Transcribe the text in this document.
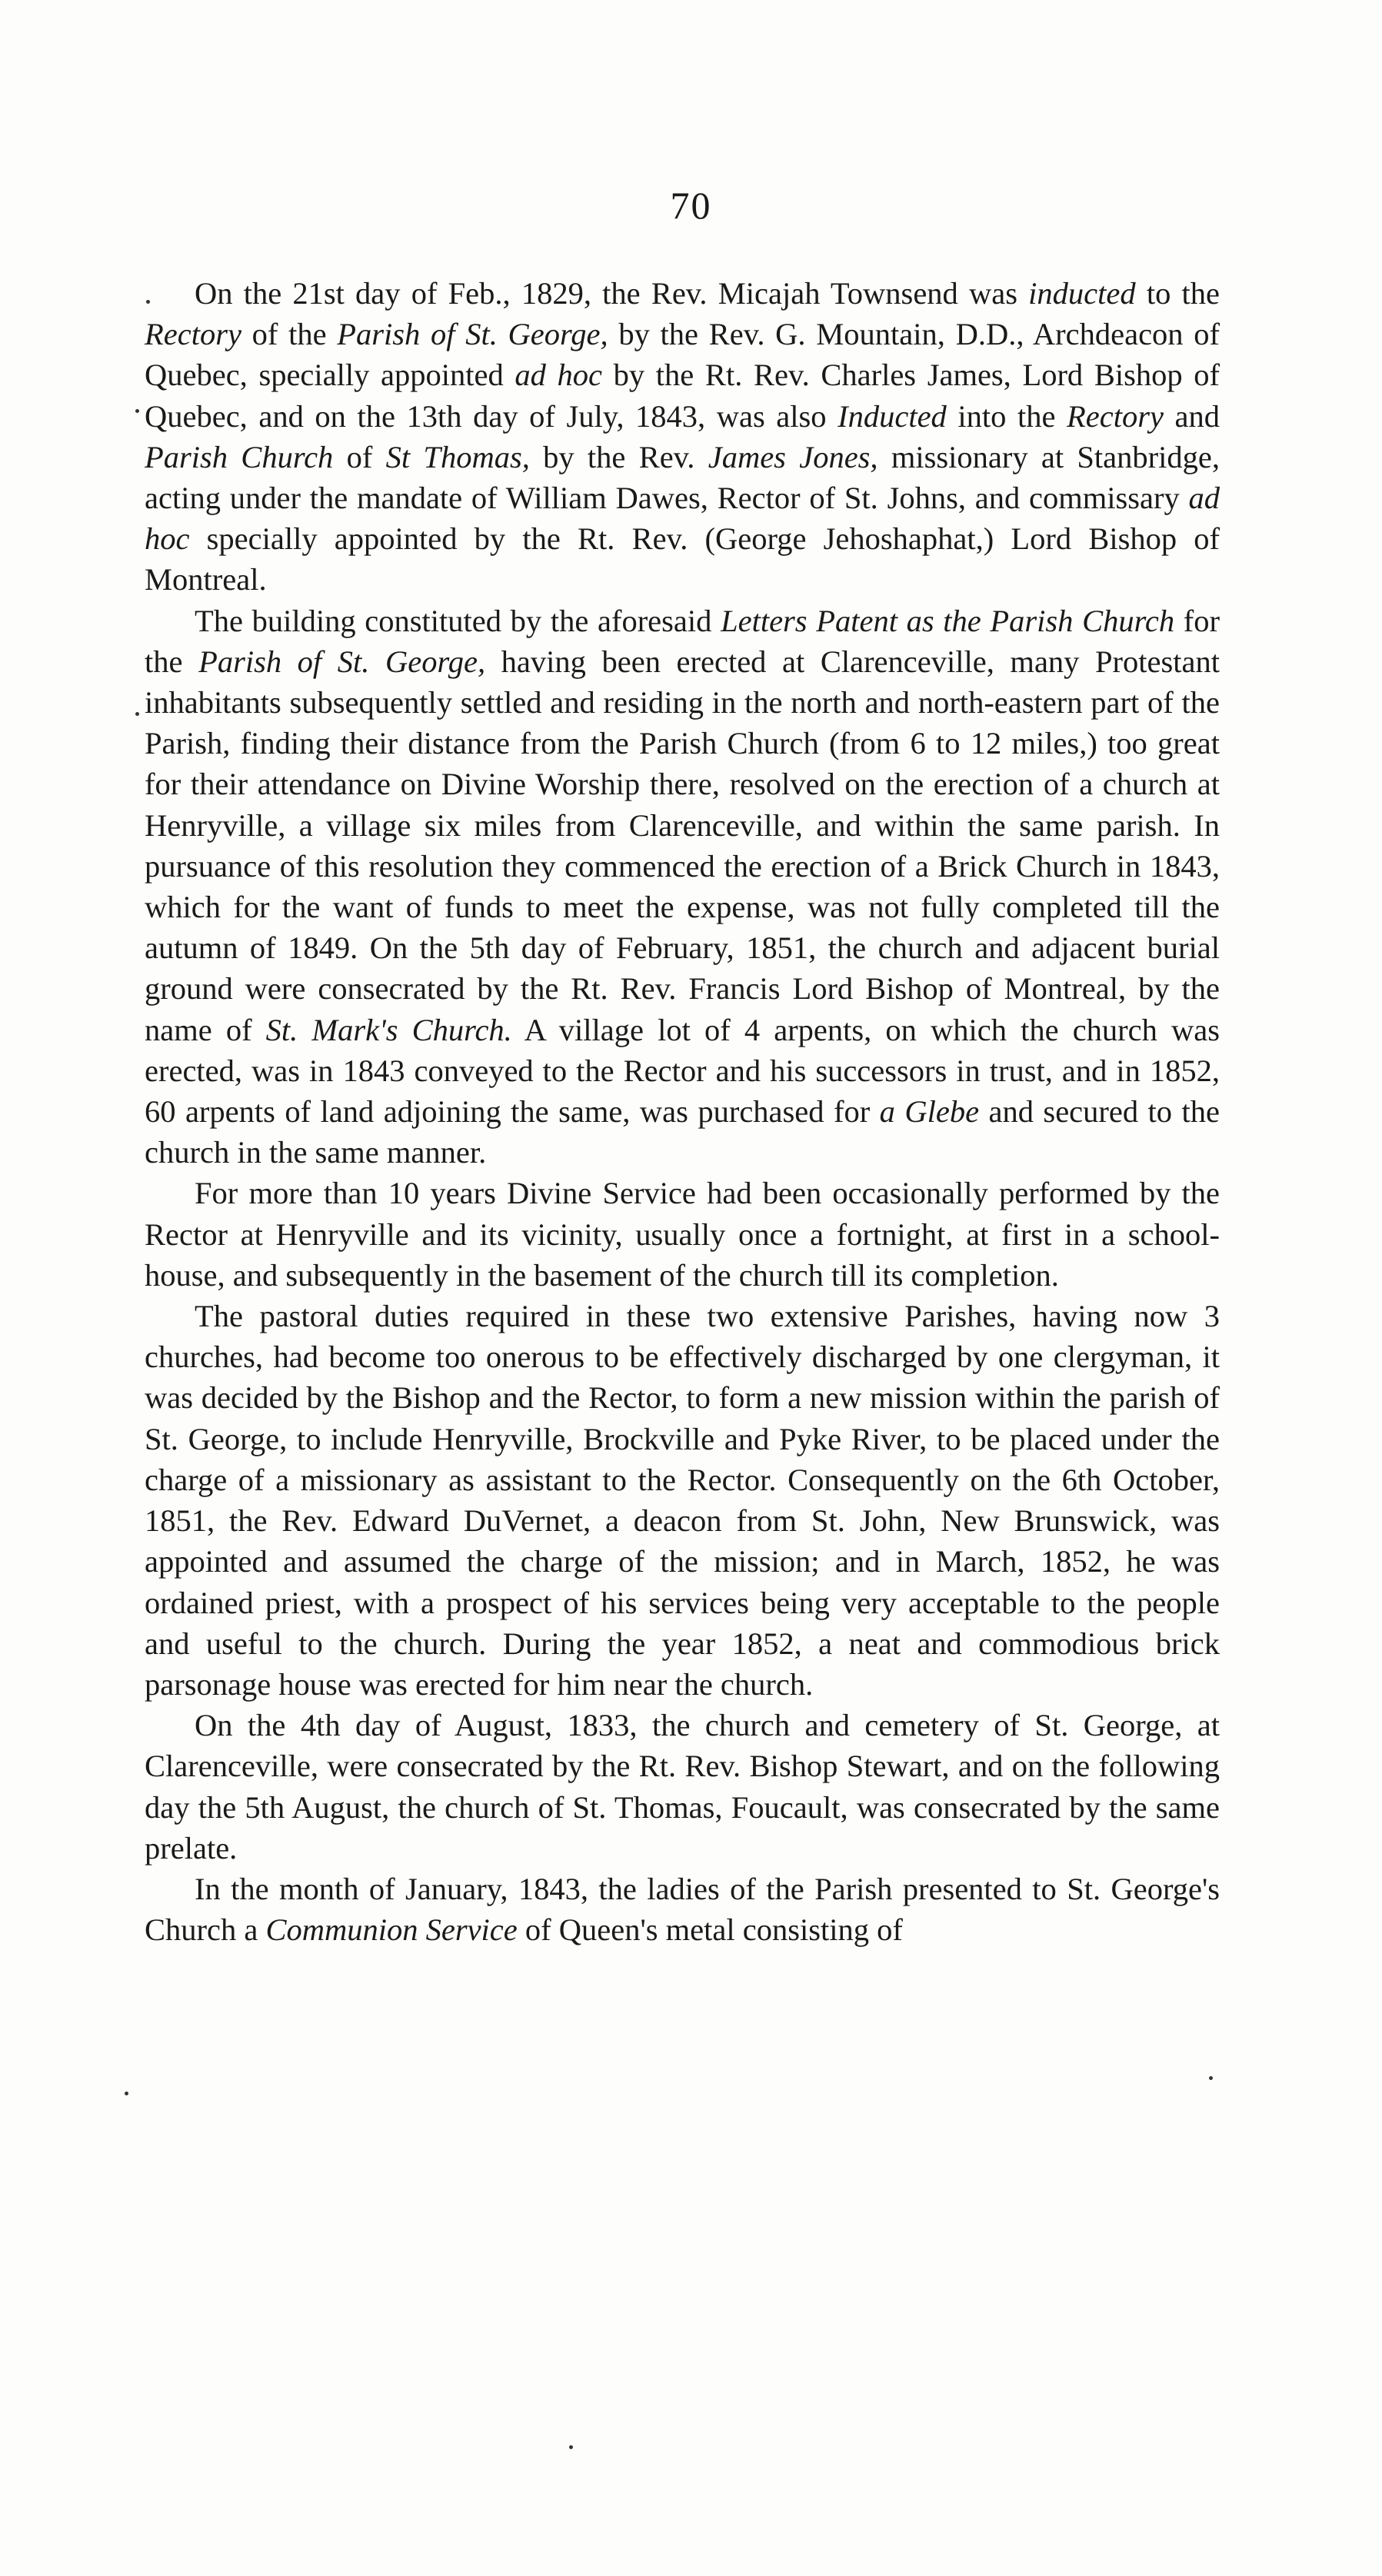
70

On the 21st day of Feb., 1829, the Rev. Micajah Townsend was inducted to the Rectory of the Parish of St. George, by the Rev. G. Mountain, D.D., Archdeacon of Quebec, specially appointed ad hoc by the Rt. Rev. Charles James, Lord Bishop of Quebec, and on the 13th day of July, 1843, was also Inducted into the Rectory and Parish Church of St Thomas, by the Rev. James Jones, missionary at Stanbridge, acting under the mandate of William Dawes, Rector of St. Johns, and commissary ad hoc specially appointed by the Rt. Rev. (George Jehoshaphat,) Lord Bishop of Montreal.

The building constituted by the aforesaid Letters Patent as the Parish Church for the Parish of St. George, having been erected at Clarenceville, many Protestant inhabitants subsequently settled and residing in the north and north-eastern part of the Parish, finding their distance from the Parish Church (from 6 to 12 miles,) too great for their attendance on Divine Worship there, resolved on the erection of a church at Henryville, a village six miles from Clarenceville, and within the same parish. In pursuance of this resolution they commenced the erection of a Brick Church in 1843, which for the want of funds to meet the expense, was not fully completed till the autumn of 1849. On the 5th day of February, 1851, the church and adjacent burial ground were consecrated by the Rt. Rev. Francis Lord Bishop of Montreal, by the name of St. Mark's Church. A village lot of 4 arpents, on which the church was erected, was in 1843 conveyed to the Rector and his successors in trust, and in 1852, 60 arpents of land adjoining the same, was purchased for a Glebe and secured to the church in the same manner.

For more than 10 years Divine Service had been occasionally performed by the Rector at Henryville and its vicinity, usually once a fortnight, at first in a school-house, and subsequently in the basement of the church till its completion.

The pastoral duties required in these two extensive Parishes, having now 3 churches, had become too onerous to be effectively discharged by one clergyman, it was decided by the Bishop and the Rector, to form a new mission within the parish of St. George, to include Henryville, Brockville and Pyke River, to be placed under the charge of a missionary as assistant to the Rector. Consequently on the 6th October, 1851, the Rev. Edward DuVernet, a deacon from St. John, New Brunswick, was appointed and assumed the charge of the mission; and in March, 1852, he was ordained priest, with a prospect of his services being very acceptable to the people and useful to the church. During the year 1852, a neat and commodious brick parsonage house was erected for him near the church.

On the 4th day of August, 1833, the church and cemetery of St. George, at Clarenceville, were consecrated by the Rt. Rev. Bishop Stewart, and on the following day the 5th August, the church of St. Thomas, Foucault, was consecrated by the same prelate.

In the month of January, 1843, the ladies of the Parish presented to St. George's Church a Communion Service of Queen's metal consisting of
